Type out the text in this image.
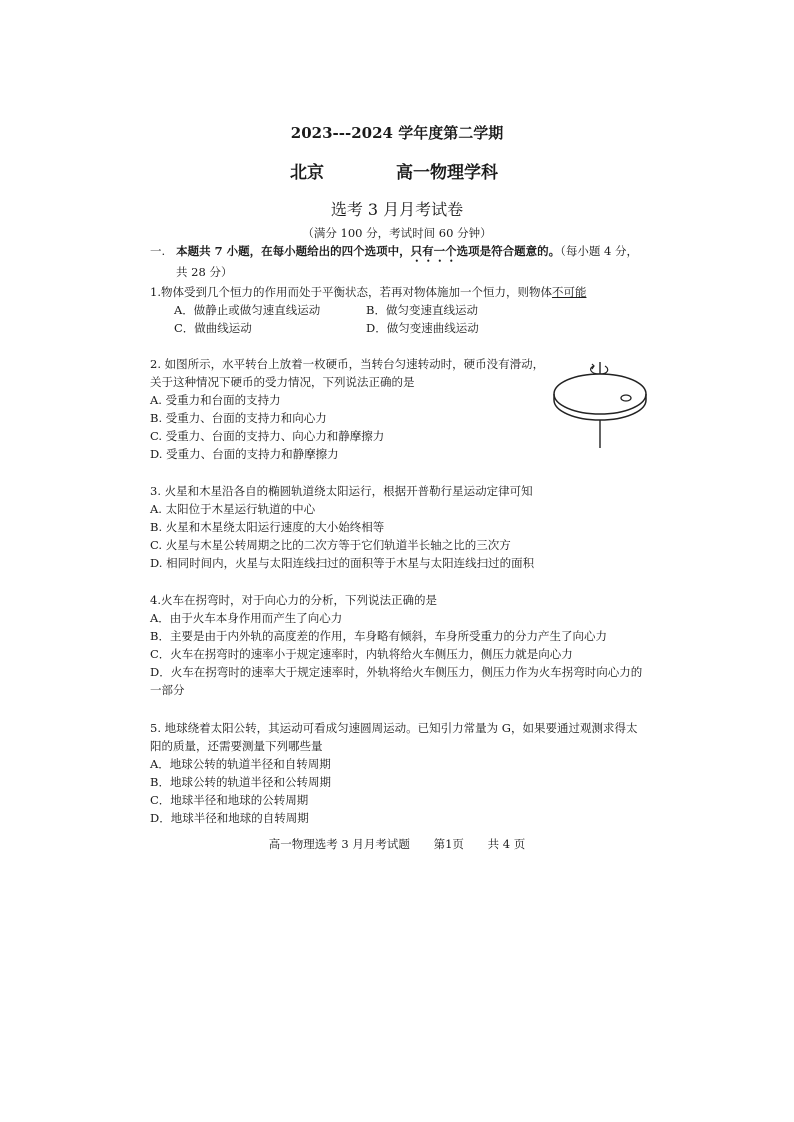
2023---2024 学年度第二学期
北京	高一物理学科
选考 3 月月考试卷
（满分 100 分，考试时间 60 分钟）
一. 本题共 7 小题，在每小题给出的四个选项中，只有一个选项是符合题意的。（每小题 4 分，
共 28 分）
1.物体受到几个恒力的作用而处于平衡状态，若再对物体施加一个恒力，则物体不可能
A．做静止或做匀速直线运动	B．做匀变速直线运动
C．做曲线运动	D．做匀变速曲线运动
2. 如图所示，水平转台上放着一枚硬币，当转台匀速转动时，硬币没有滑动，
关于这种情况下硬币的受力情况，下列说法正确的是
A. 受重力和台面的支持力
B. 受重力、台面的支持力和向心力
C. 受重力、台面的支持力、向心力和静摩擦力
D. 受重力、台面的支持力和静摩擦力
3. 火星和木星沿各自的椭圆轨道绕太阳运行，根据开普勒行星运动定律可知
A. 太阳位于木星运行轨道的中心
B. 火星和木星绕太阳运行速度的大小始终相等
C. 火星与木星公转周期之比的二次方等于它们轨道半长轴之比的三次方
D. 相同时间内，火星与太阳连线扫过的面积等于木星与太阳连线扫过的面积
4.火车在拐弯时，对于向心力的分析，下列说法正确的是
A．由于火车本身作用而产生了向心力
B．主要是由于内外轨的高度差的作用，车身略有倾斜，车身所受重力的分力产生了向心力
C．火车在拐弯时的速率小于规定速率时，内轨将给火车侧压力，侧压力就是向心力
D．火车在拐弯时的速率大于规定速率时，外轨将给火车侧压力，侧压力作为火车拐弯时向心力的
一部分
5. 地球绕着太阳公转，其运动可看成匀速圆周运动。已知引力常量为 G，如果要通过观测求得太
阳的质量，还需要测量下列哪些量
A．地球公转的轨道半径和自转周期
B．地球公转的轨道半径和公转周期
C．地球半径和地球的公转周期
D．地球半径和地球的自转周期
高一物理选考 3 月月考试题 第1页 共 4 页
